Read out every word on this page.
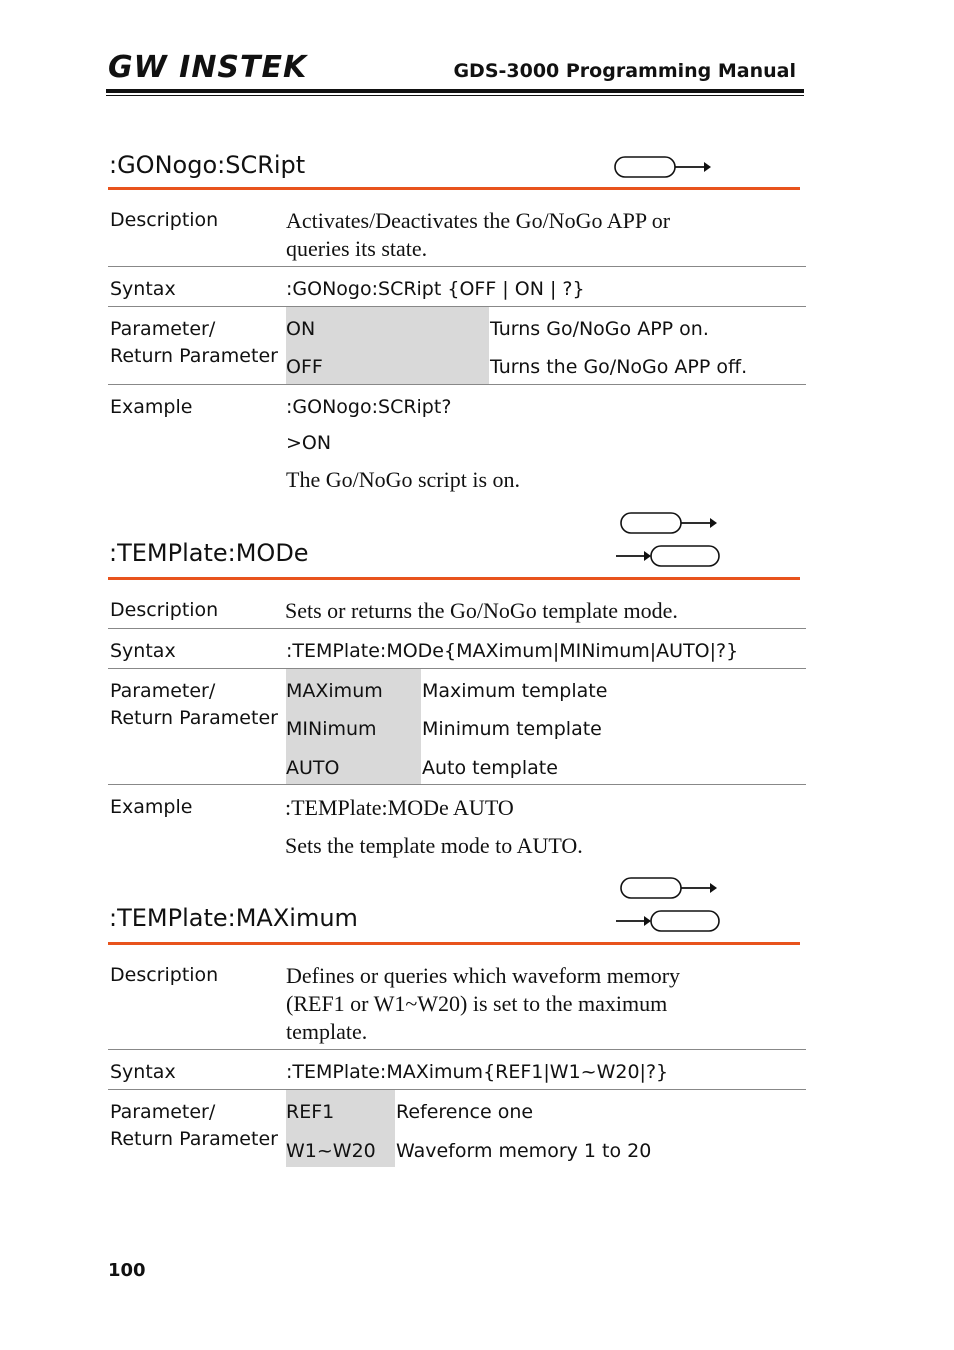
GW INSTEK	GDS-3000 Programming Manual
:GONogo:SCRipt
Description	Activates/Deactivates the Go/NoGo APP or
queries its state.
Syntax	:GONogo:SCRipt {OFF | ON | ?}
Parameter/
Return Parameter
ON	Turns Go/NoGo APP on.
OFF	Turns the Go/NoGo APP off.
Example	:GONogo:SCRipt?
>ON
The Go/NoGo script is on.
:TEMPlate:MODe
Description	Sets or returns the Go/NoGo template mode.
Syntax	:TEMPlate:MODe{MAXimum|MINimum|AUTO|?}
Parameter/
Return Parameter
MAXimum Maximum template
MINimum Minimum template
AUTO	Auto template
Example	:TEMPlate:MODe AUTO
Sets the template mode to AUTO.
:TEMPlate:MAXimum
Description	Defines or queries which waveform memory
(REF1 or W1~W20) is set to the maximum
template.
Syntax	:TEMPlate:MAXimum{REF1|W1~W20|?}
Parameter/
Return Parameter
REF1	Reference one
W1~W20 Waveform memory 1 to 20
100
